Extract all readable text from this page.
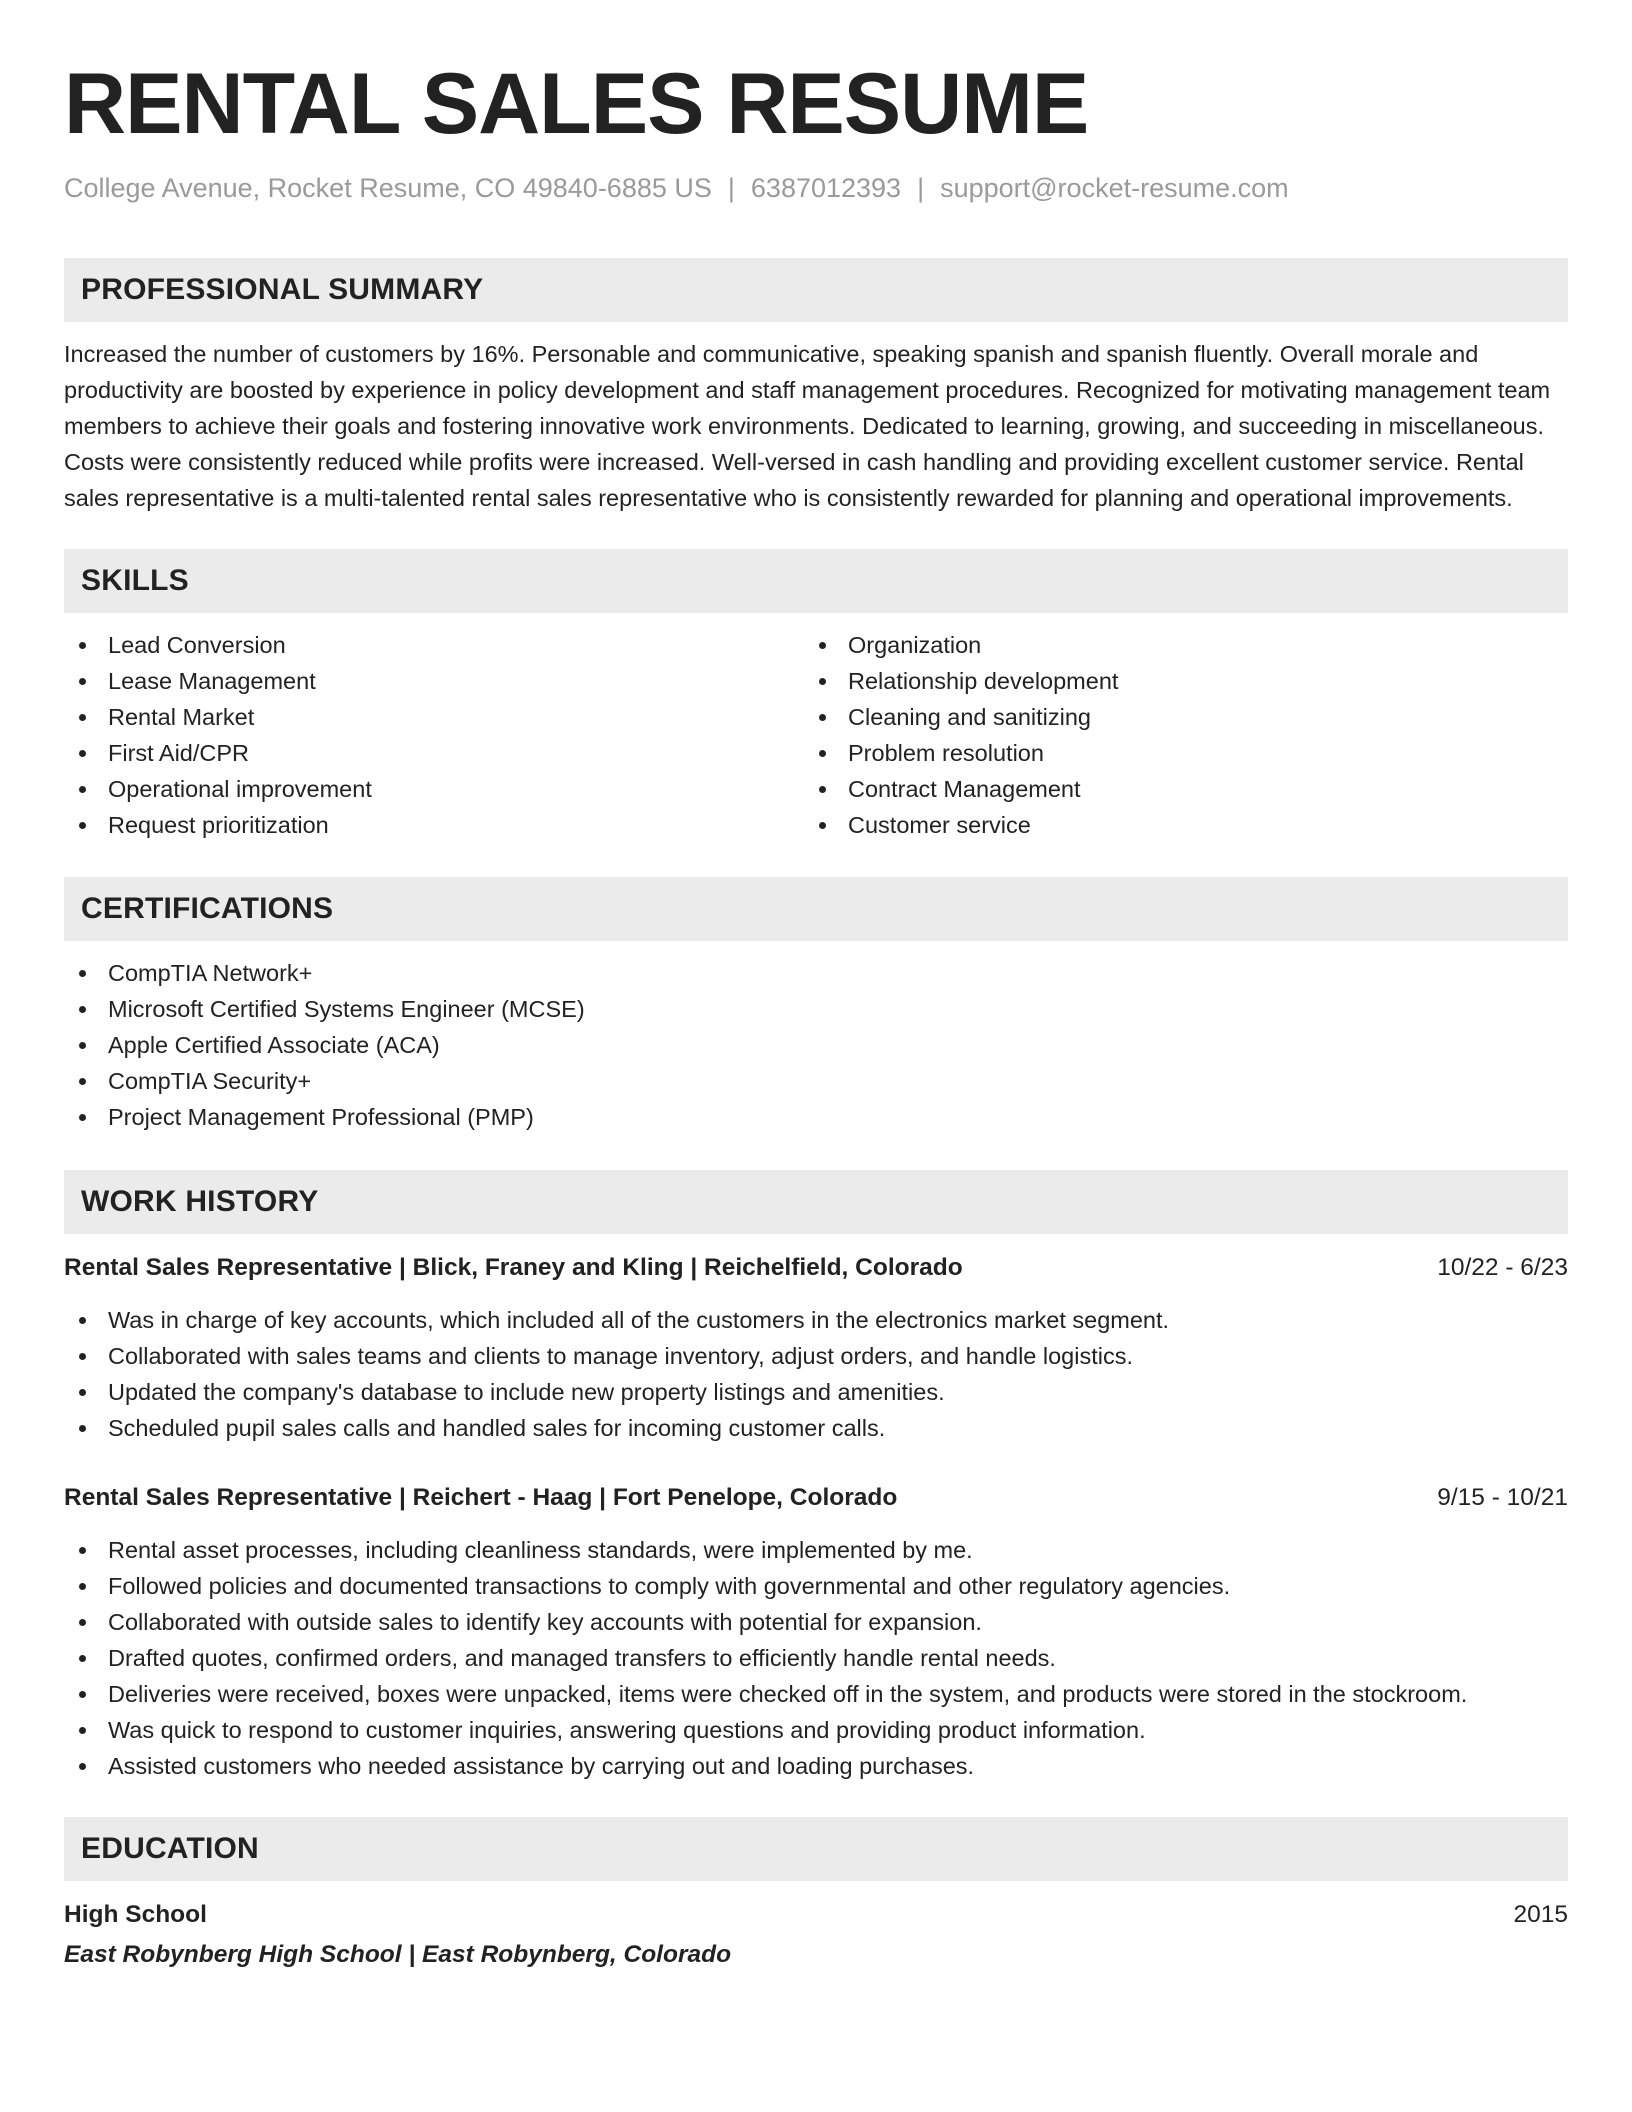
RENTAL SALES RESUME
College Avenue, Rocket Resume, CO 49840-6885 US | 6387012393 | support@rocket-resume.com
PROFESSIONAL SUMMARY
Increased the number of customers by 16%. Personable and communicative, speaking spanish and spanish fluently. Overall morale and productivity are boosted by experience in policy development and staff management procedures. Recognized for motivating management team members to achieve their goals and fostering innovative work environments. Dedicated to learning, growing, and succeeding in miscellaneous. Costs were consistently reduced while profits were increased. Well-versed in cash handling and providing excellent customer service. Rental sales representative is a multi-talented rental sales representative who is consistently rewarded for planning and operational improvements.
SKILLS
Lead Conversion
Lease Management
Rental Market
First Aid/CPR
Operational improvement
Request prioritization
Organization
Relationship development
Cleaning and sanitizing
Problem resolution
Contract Management
Customer service
CERTIFICATIONS
CompTIA Network+
Microsoft Certified Systems Engineer (MCSE)
Apple Certified Associate (ACA)
CompTIA Security+
Project Management Professional (PMP)
WORK HISTORY
Rental Sales Representative | Blick, Franey and Kling | Reichelfield, Colorado	10/22 - 6/23
Was in charge of key accounts, which included all of the customers in the electronics market segment.
Collaborated with sales teams and clients to manage inventory, adjust orders, and handle logistics.
Updated the company's database to include new property listings and amenities.
Scheduled pupil sales calls and handled sales for incoming customer calls.
Rental Sales Representative | Reichert - Haag | Fort Penelope, Colorado	9/15 - 10/21
Rental asset processes, including cleanliness standards, were implemented by me.
Followed policies and documented transactions to comply with governmental and other regulatory agencies.
Collaborated with outside sales to identify key accounts with potential for expansion.
Drafted quotes, confirmed orders, and managed transfers to efficiently handle rental needs.
Deliveries were received, boxes were unpacked, items were checked off in the system, and products were stored in the stockroom.
Was quick to respond to customer inquiries, answering questions and providing product information.
Assisted customers who needed assistance by carrying out and loading purchases.
EDUCATION
High School	2015
East Robynberg High School | East Robynberg, Colorado
